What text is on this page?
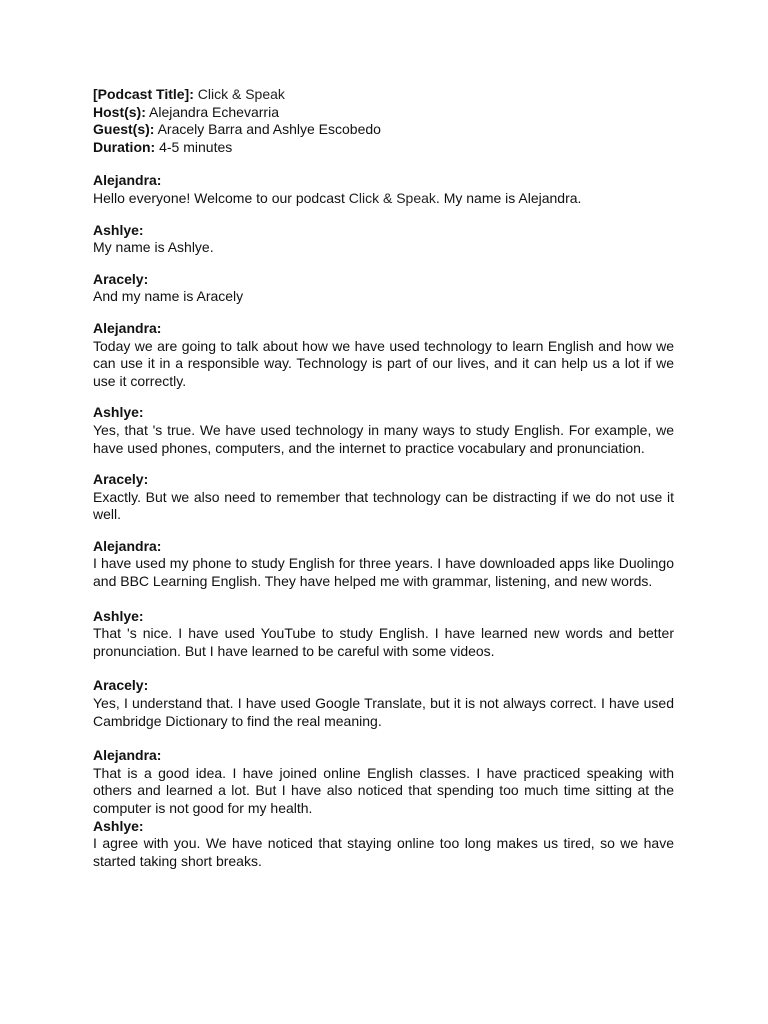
[Podcast Title]: Click & Speak

Host(s): Alejandra Echevarria

Guest(s): Aracely Barra and Ashlye Escobedo

Duration: 4-5 minutes

Alejandra:
Hello everyone! Welcome to our podcast Click & Speak. My name is Alejandra.
Ashlye:
My name is Ashlye.
Aracely:
And my name is Aracely
Alejandra:
Today we are going to talk about how we have used technology to learn English and how we can use it in a responsible way. Technology is part of our lives, and it can help us a lot if we use it correctly.
Ashlye:
Yes, that 's true. We have used technology in many ways to study English. For example, we have used phones, computers, and the internet to practice vocabulary and pronunciation.
Aracely:
Exactly. But we also need to remember that technology can be distracting if we do not use it well.
Alejandra:
I have used my phone to study English for three years. I have downloaded apps like Duolingo and BBC Learning English. They have helped me with grammar, listening, and new words.
Ashlye:
That 's nice. I have used YouTube to study English. I have learned new words and better pronunciation. But I have learned to be careful with some videos.
Aracely:
Yes, I understand that. I have used Google Translate, but it is not always correct. I have used Cambridge Dictionary to find the real meaning.
Alejandra:
That is a good idea. I have joined online English classes. I have practiced speaking with others and learned a lot. But I have also noticed that spending too much time sitting at the computer is not good for my health.
Ashlye:
I agree with you. We have noticed that staying online too long makes us tired, so we have started taking short breaks.
